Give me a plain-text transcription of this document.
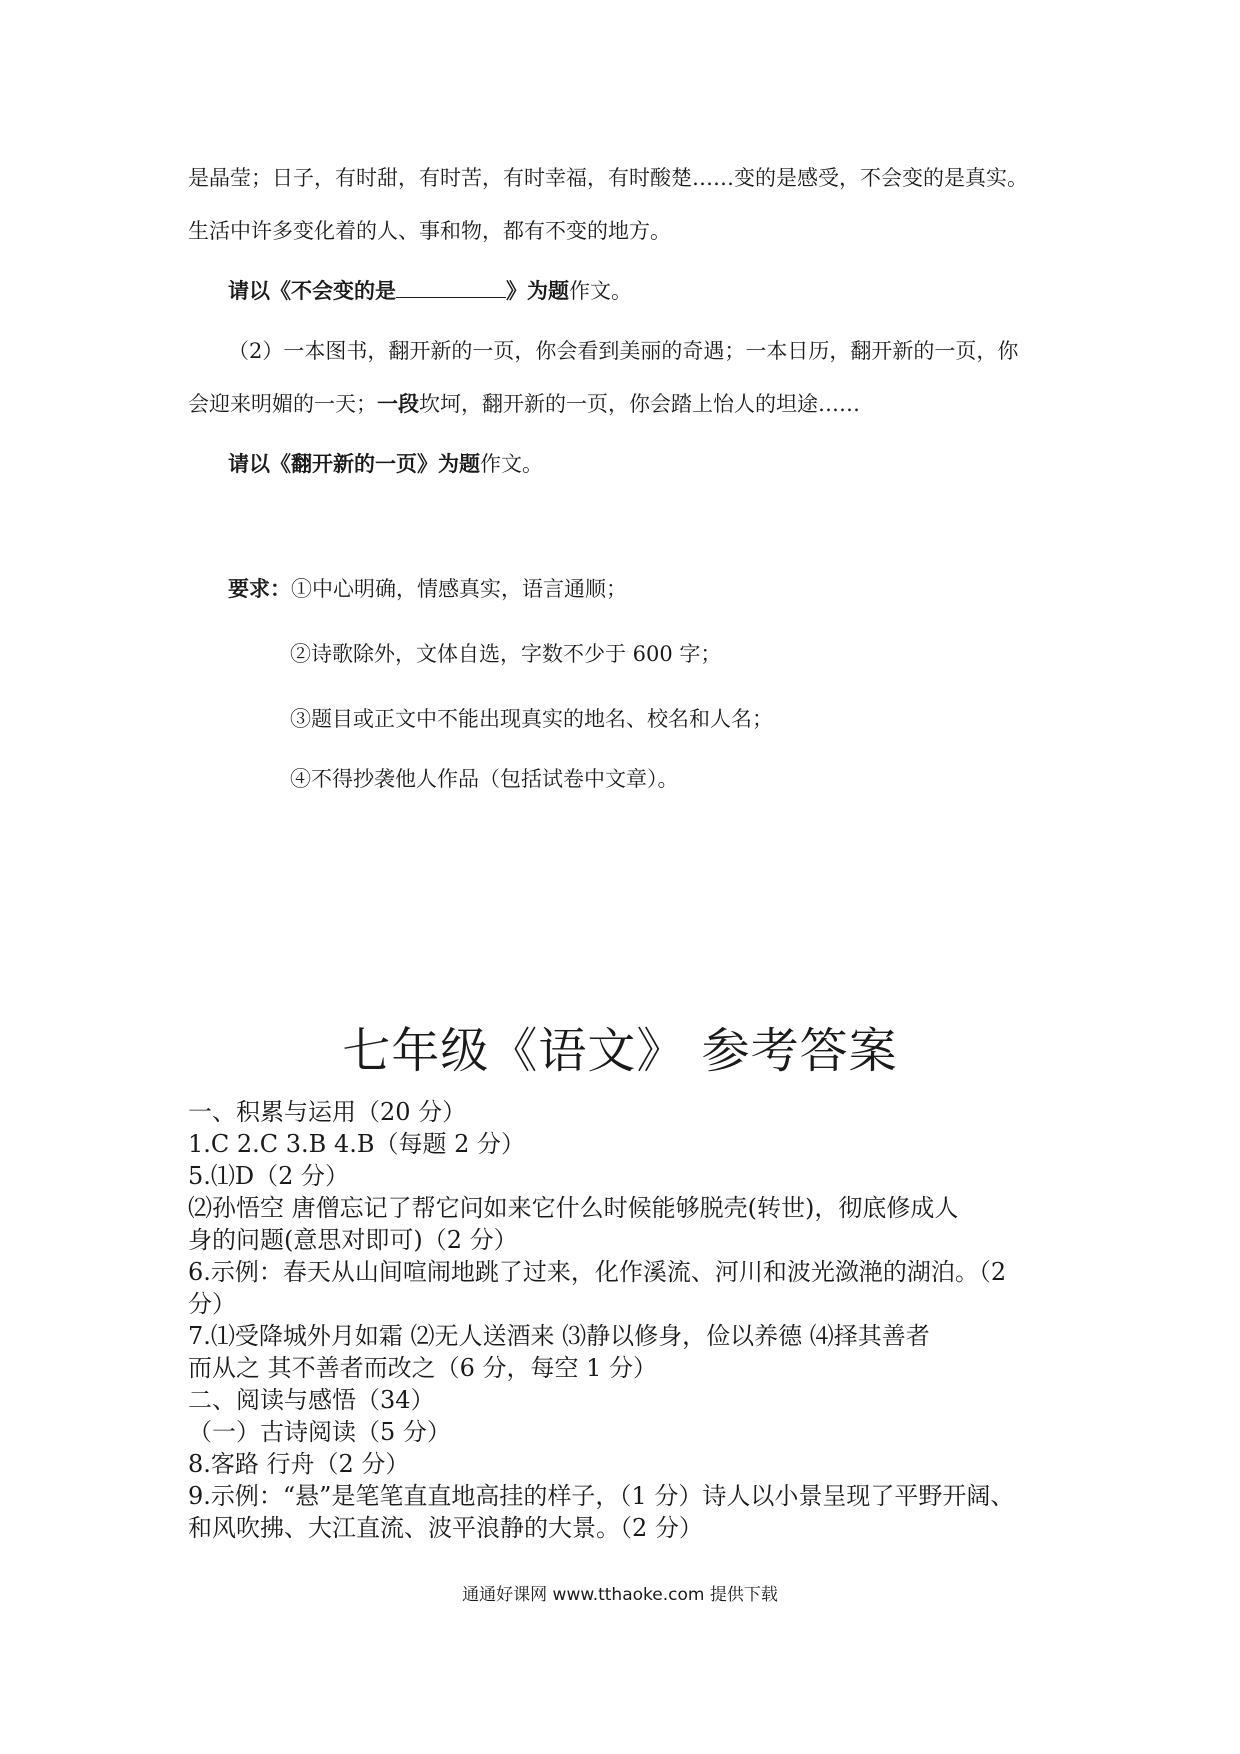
是晶莹；日子，有时甜，有时苦，有时幸福，有时酸楚……变的是感受，不会变的是真实。
生活中许多变化着的人、事和物，都有不变的地方。
请以《不会变的是	》为题作文。
（2）一本图书，翻开新的一页，你会看到美丽的奇遇；一本日历，翻开新的一页，你
会迎来明媚的一天；一段坎坷，翻开新的一页，你会踏上怡人的坦途……
请以《翻开新的一页》为题作文。
要求：①中心明确，情感真实，语言通顺；
②诗歌除外，文体自选，字数不少于 600 字；
③题目或正文中不能出现真实的地名、校名和人名；
④不得抄袭他人作品（包括试卷中文章）。
七年级《语文》 参考答案
一、积累与运用（20 分）
1.C 2.C 3.B 4.B（每题 2 分）
5.⑴D（2 分）
⑵孙悟空 唐僧忘记了帮它问如来它什么时候能够脱壳(转世)，彻底修成人
身的问题(意思对即可)（2 分）
6.示例：春天从山间喧闹地跳了过来，化作溪流、河川和波光潋滟的湖泊。（2
分）
7.⑴受降城外月如霜 ⑵无人送酒来 ⑶静以修身，俭以养德 ⑷择其善者
而从之 其不善者而改之（6 分，每空 1 分）
二、阅读与感悟（34）
（一）古诗阅读（5 分）
8.客路 行舟（2 分）
9.示例：“悬”是笔笔直直地高挂的样子，（1 分）诗人以小景呈现了平野开阔、
和风吹拂、大江直流、波平浪静的大景。（2 分）
通通好课网 www.tthaoke.com 提供下载
